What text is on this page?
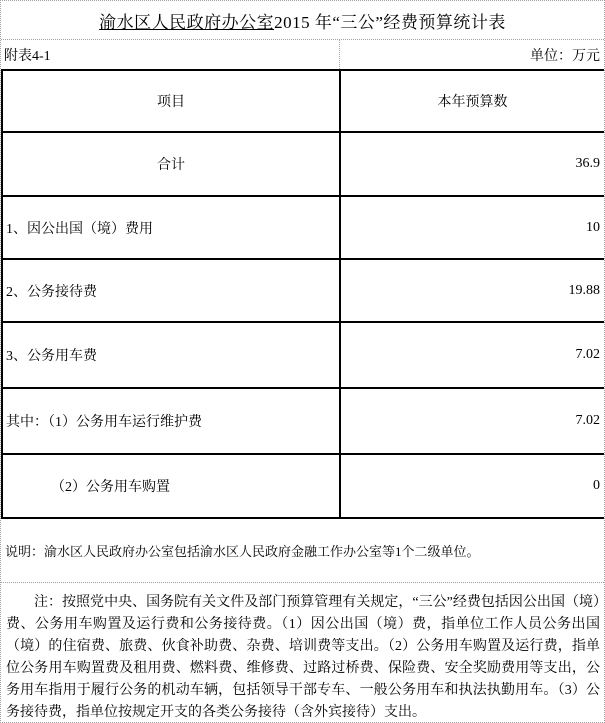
渝水区人民政府办公室 2015 年“三公”经费预算统计表
附表4-1	单位：万元
项目	本年预算数
合计	36.9
1、因公出国（境）费用	10
2、公务接待费	19.88
3、公务用车费	7.02
其中：（1）公务用车运行维护费	7.02
（2）公务用车购置	0
说明：渝水区人民政府办公室包括渝水区人民政府金融工作办公室等1个二级单位。

注：按照党中央、国务院有关文件及部门预算管理有关规定，“三公”经费包括因公出国（境）费、公务用车购置及运行费和公务接待费。（1）因公出国（境）费，指单位工作人员公务出国（境）的住宿费、旅费、伙食补助费、杂费、培训费等支出。（2）公务用车购置及运行费，指单位公务用车购置费及租用费、燃料费、维修费、过路过桥费、保险费、安全奖励费用等支出，公务用车指用于履行公务的机动车辆，包括领导干部专车、一般公务用车和执法执勤用车。（3）公务接待费，指单位按规定开支的各类公务接待（含外宾接待）支出。
